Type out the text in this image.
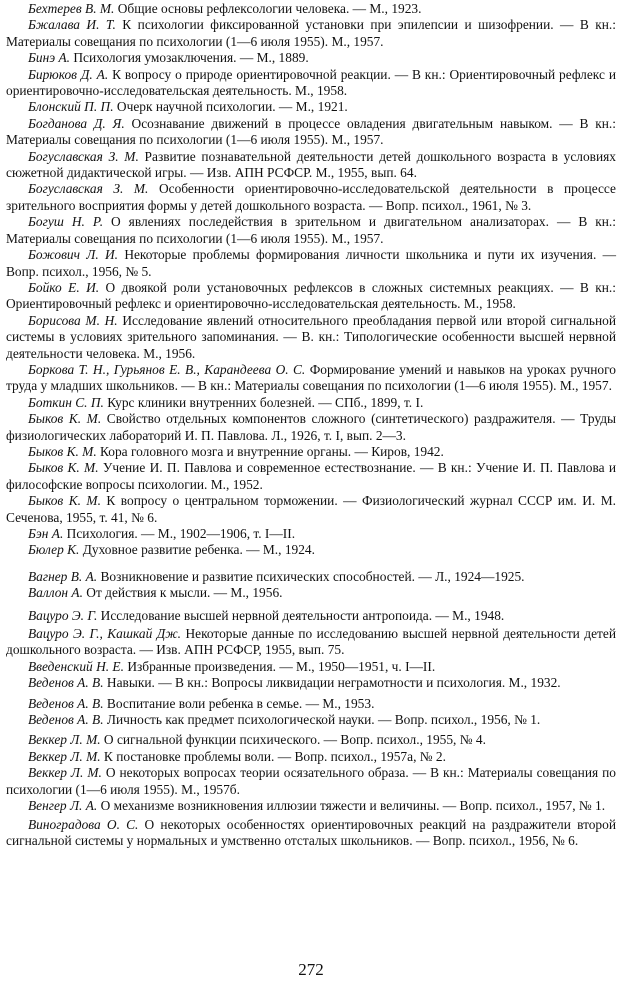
Бехтерев В. М. Общие основы рефлексологии человека. — М., 1923.

Бжалава И. Т. К психологии фиксированной установки при эпилепсии и шизофрении. — В кн.: Материалы совещания по психологии (1—6 июля 1955). М., 1957.

Бинэ А. Психология умозаключения. — М., 1889.

Бирюков Д. А. К вопросу о природе ориентировочной реакции. — В кн.: Ориентировочный рефлекс и ориентировочно-исследовательская деятельность. М., 1958.

Блонский П. П. Очерк научной психологии. — М., 1921.

Богданова Д. Я. Осознавание движений в процессе овладения двигательным навыком. — В кн.: Материалы совещания по психологии (1—6 июля 1955). М., 1957.

Богуславская З. М. Развитие познавательной деятельности детей дошкольного возраста в условиях сюжетной дидактической игры. — Изв. АПН РСФСР. М., 1955, вып. 64.

Богуславская З. М. Особенности ориентировочно-исследовательской деятельности в процессе зрительного восприятия формы у детей дошкольного возраста. — Вопр. психол., 1961, № 3.

Богуш Н. Р. О явлениях последействия в зрительном и двигательном анализаторах. — В кн.: Материалы совещания по психологии (1—6 июля 1955). М., 1957.

Божович Л. И. Некоторые проблемы формирования личности школьника и пути их изучения. — Вопр. психол., 1956, № 5.

Бойко Е. И. О двоякой роли установочных рефлексов в сложных системных реакциях. — В кн.: Ориентировочный рефлекс и ориентировочно-исследовательская деятельность. М., 1958.

Борисова М. Н. Исследование явлений относительного преобладания первой или второй сигнальной системы в условиях зрительного запоминания. — В. кн.: Типологические особенности высшей нервной деятельности человека. М., 1956.

Боркова Т. Н., Гурьянов Е. В., Карандеева О. С. Формирование умений и навыков на уроках ручного труда у младших школьников. — В кн.: Материалы совещания по психологии (1—6 июля 1955). М., 1957.

Боткин С. П. Курс клиники внутренних болезней. — СПб., 1899, т. I.

Быков К. М. Свойство отдельных компонентов сложного (синтетического) раздражителя. — Труды физиологических лабораторий И. П. Павлова. Л., 1926, т. I, вып. 2—3.

Быков К. М. Кора головного мозга и внутренние органы. — Киров, 1942.

Быков К. М. Учение И. П. Павлова и современное естествознание. — В кн.: Учение И. П. Павлова и философские вопросы психологии. М., 1952.

Быков К. М. К вопросу о центральном торможении. — Физиологический журнал СССР им. И. М. Сеченова, 1955, т. 41, № 6.

Бэн А. Психология. — М., 1902—1906, т. I—II.

Бюлер К. Духовное развитие ребенка. — М., 1924.

Вагнер В. А. Возникновение и развитие психических способностей. — Л., 1924—1925.

Валлон А. От действия к мысли. — М., 1956.

Вацуро Э. Г. Исследование высшей нервной деятельности антропоида. — М., 1948.

Вацуро Э. Г., Кашкай Дж. Некоторые данные по исследованию высшей нервной деятельности детей дошкольного возраста. — Изв. АПН РСФСР, 1955, вып. 75.

Введенский Н. Е. Избранные произведения. — М., 1950—1951, ч. I—II.

Веденов А. В. Навыки. — В кн.: Вопросы ликвидации неграмотности и психология. М., 1932.

Веденов А. В. Воспитание воли ребенка в семье. — М., 1953.

Веденов А. В. Личность как предмет психологической науки. — Вопр. психол., 1956, № 1.

Веккер Л. М. О сигнальной функции психического. — Вопр. психол., 1955, № 4.

Веккер Л. М. К постановке проблемы воли. — Вопр. психол., 1957а, № 2.

Веккер Л. М. О некоторых вопросах теории осязательного образа. — В кн.: Материалы совещания по психологии (1—6 июля 1955). М., 1957б.

Венгер Л. А. О механизме возникновения иллюзии тяжести и величины. — Вопр. психол., 1957, № 1.

Виноградова О. С. О некоторых особенностях ориентировочных реакций на раздражители второй сигнальной системы у нормальных и умственно отсталых школьников. — Вопр. психол., 1956, № 6.

272
